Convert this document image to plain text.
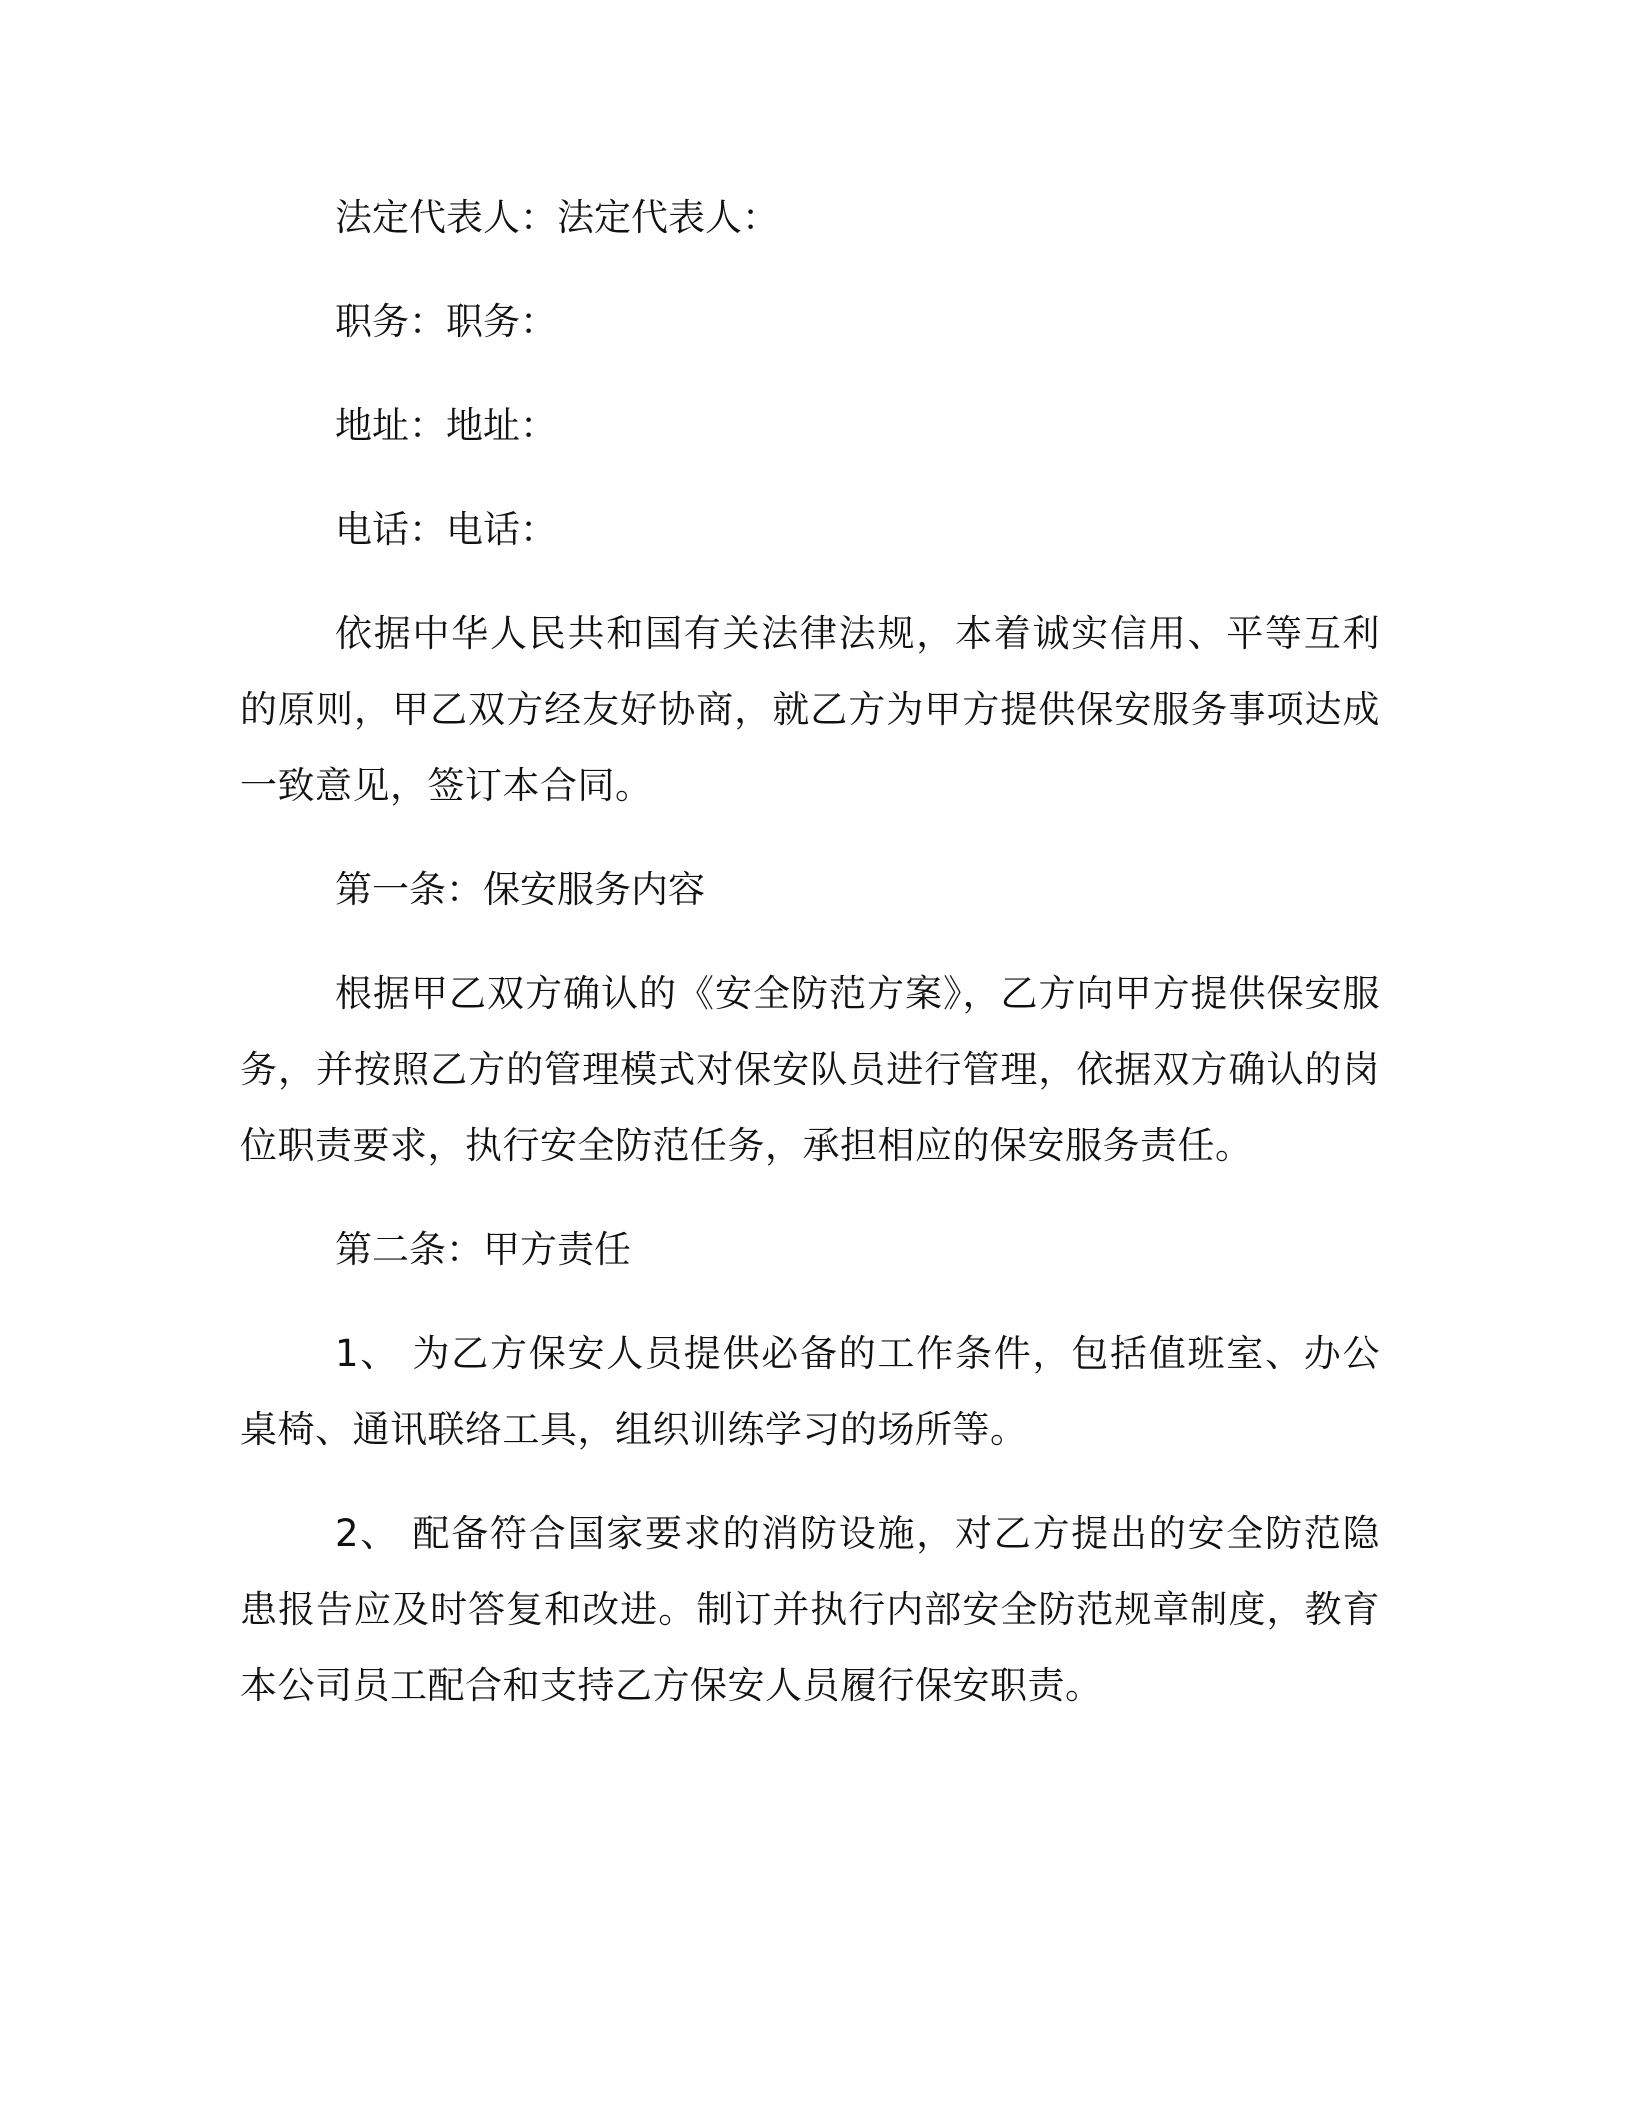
法定代表人：法定代表人：

职务：职务：

地址：地址：

电话：电话：

依据中华人民共和国有关法律法规，本着诚实信用、平等互利的原则，甲乙双方经友好协商，就乙方为甲方提供保安服务事项达成一致意见，签订本合同。

第一条：保安服务内容

根据甲乙双方确认的《安全防范方案》，乙方向甲方提供保安服务，并按照乙方的管理模式对保安队员进行管理，依据双方确认的岗位职责要求，执行安全防范任务，承担相应的保安服务责任。

第二条：甲方责任

1、 为乙方保安人员提供必备的工作条件，包括值班室、办公桌椅、通讯联络工具，组织训练学习的场所等。

2、 配备符合国家要求的消防设施，对乙方提出的安全防范隐患报告应及时答复和改进。制订并执行内部安全防范规章制度，教育本公司员工配合和支持乙方保安人员履行保安职责。
